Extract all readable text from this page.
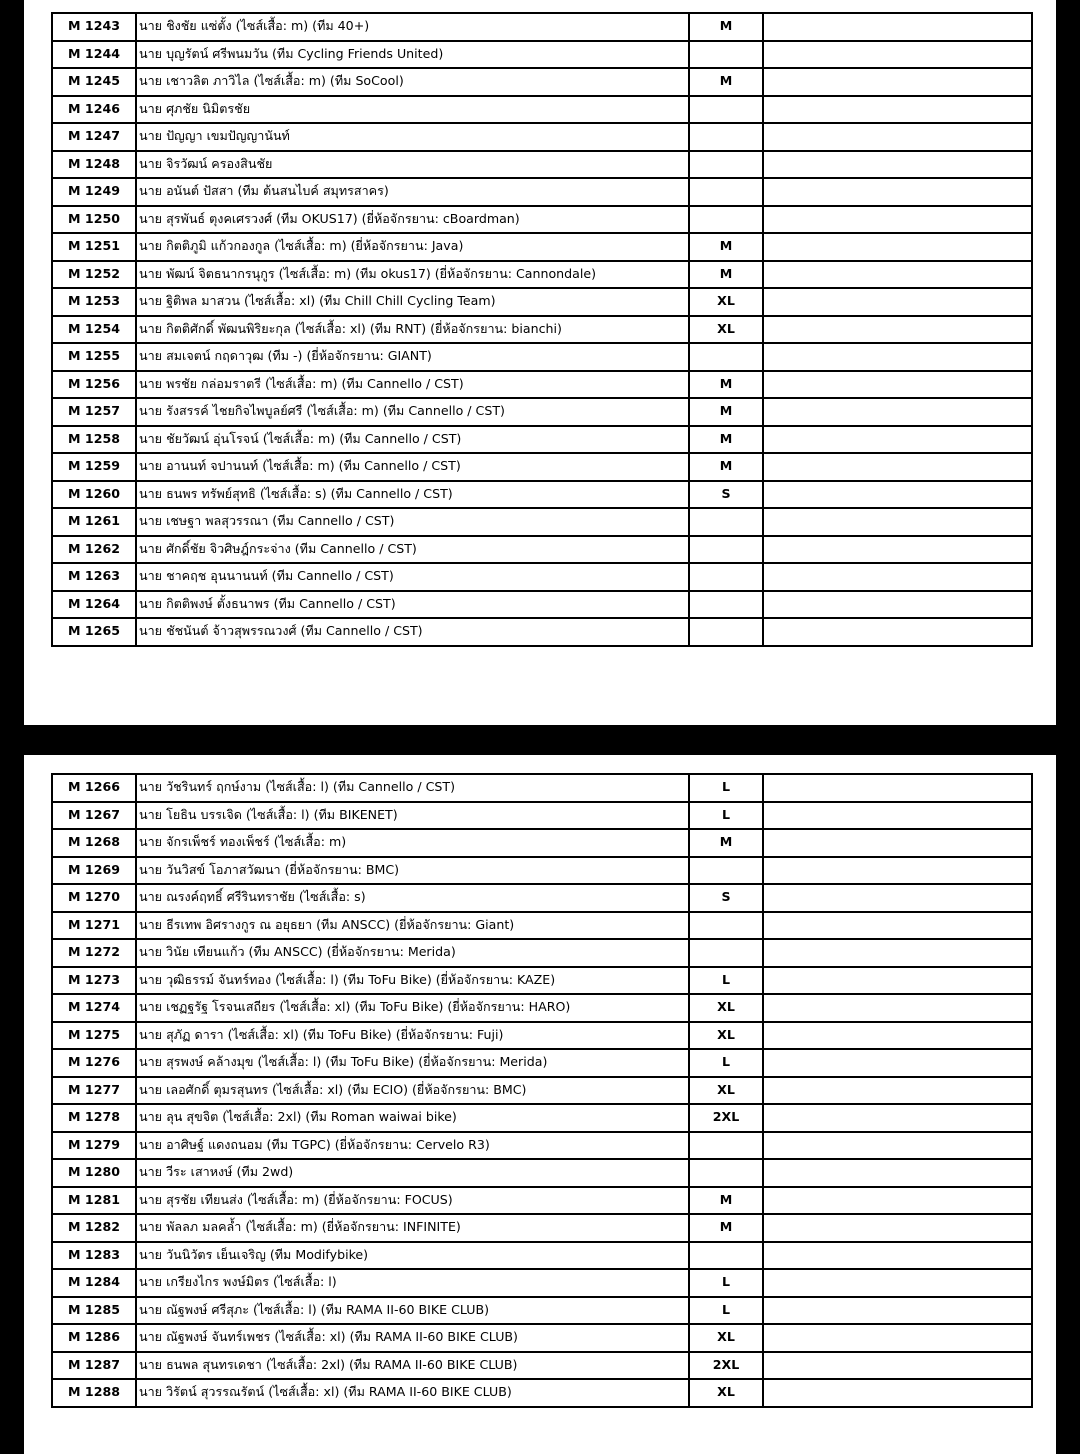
M 1243	นาย ชิงชัย แซ่ตั้ง (ไซส์เสื้อ: m) (ทีม 40+)	M	
M 1244	นาย บุญรัตน์ ศรีพนมวัน (ทีม Cycling Friends United)		
M 1245	นาย เชาวลิต ภาวิไล (ไซส์เสื้อ: m) (ทีม SoCool)	M	
M 1246	นาย ศุภชัย นิมิตรชัย		
M 1247	นาย ปัญญา เขมปัญญานันท์		
M 1248	นาย จิรวัฒน์ ครองสินชัย		
M 1249	นาย อนันต์ ปัสสา (ทีม ต้นสนไบค์ สมุทรสาคร)		
M 1250	นาย สุรพันธ์ ตุงคเศรวงศ์ (ทีม OKUS17) (ยี่ห้อจักรยาน: cBoardman)		
M 1251	นาย กิตติภูมิ แก้วกองกูล (ไซส์เสื้อ: m) (ยี่ห้อจักรยาน: Java)	M	
M 1252	นาย พัฒน์ จิตธนากรนุกูร (ไซส์เสื้อ: m) (ทีม okus17) (ยี่ห้อจักรยาน: Cannondale)	M	
M 1253	นาย ฐิติพล มาสวน (ไซส์เสื้อ: xl) (ทีม Chill Chill Cycling Team)	XL	
M 1254	นาย กิตติศักดิ์ พัฒนพิริยะกุล (ไซส์เสื้อ: xl) (ทีม RNT) (ยี่ห้อจักรยาน: bianchi)	XL	
M 1255	นาย สมเจตน์ กฤดาวุฒ (ทีม -) (ยี่ห้อจักรยาน: GIANT)		
M 1256	นาย พรชัย กล่อมราตรี (ไซส์เสื้อ: m) (ทีม Cannello / CST)	M	
M 1257	นาย รังสรรค์ ไชยกิจไพบูลย์ศรี (ไซส์เสื้อ: m) (ทีม Cannello / CST)	M	
M 1258	นาย ชัยวัฒน์ อุ่นโรจน์ (ไซส์เสื้อ: m) (ทีม Cannello / CST)	M	
M 1259	นาย อานนท์ จปานนท์ (ไซส์เสื้อ: m) (ทีม Cannello / CST)	M	
M 1260	นาย ธนพร ทรัพย์สุทธิ (ไซส์เสื้อ: s) (ทีม Cannello / CST)	S	
M 1261	นาย เชษฐา พลสุวรรณา (ทีม Cannello / CST)		
M 1262	นาย ศักดิ์ชัย จิวศิษฎ์กระจ่าง (ทีม Cannello / CST)		
M 1263	นาย ชาคฤช อุนนานนท์ (ทีม Cannello / CST)		
M 1264	นาย กิตติพงษ์ ตั้งธนาพร (ทีม Cannello / CST)		
M 1265	นาย ชัชนันต์ จ้าวสุพรรณวงศ์ (ทีม Cannello / CST)		
M 1266	นาย วัชรินทร์ ฤกษ์งาม (ไซส์เสื้อ: l) (ทีม Cannello / CST)	L	
M 1267	นาย โยธิน บรรเจิด (ไซส์เสื้อ: l) (ทีม BIKENET)	L	
M 1268	นาย จักรเพ็ชร์ ทองเพ็ชร์ (ไซส์เสื้อ: m)	M	
M 1269	นาย วันวิสข์ โอภาสวัฒนา (ยี่ห้อจักรยาน: BMC)		
M 1270	นาย ณรงค์ฤทธิ์ ศรีรินทราชัย (ไซส์เสื้อ: s)	S	
M 1271	นาย ธีรเทพ อิศรางกูร ณ อยุธยา (ทีม ANSCC) (ยี่ห้อจักรยาน: Giant)		
M 1272	นาย วินัย เทียนแก้ว (ทีม ANSCC) (ยี่ห้อจักรยาน: Merida)		
M 1273	นาย วุฒิธรรม์ จันทร์ทอง (ไซส์เสื้อ: l) (ทีม ToFu Bike) (ยี่ห้อจักรยาน: KAZE)	L	
M 1274	นาย เชฏฐรัฐ โรจนเสถียร (ไซส์เสื้อ: xl) (ทีม ToFu Bike) (ยี่ห้อจักรยาน: HARO)	XL	
M 1275	นาย สุภัฏ ดารา (ไซส์เสื้อ: xl) (ทีม ToFu Bike) (ยี่ห้อจักรยาน: Fuji)	XL	
M 1276	นาย สุรพงษ์ คล้างมุข (ไซส์เสื้อ: l) (ทีม ToFu Bike) (ยี่ห้อจักรยาน: Merida)	L	
M 1277	นาย เลอศักดิ์ ตุมรสุนทร (ไซส์เสื้อ: xl) (ทีม ECIO) (ยี่ห้อจักรยาน: BMC)	XL	
M 1278	นาย ลุน สุขจิต (ไซส์เสื้อ: 2xl) (ทีม Roman waiwai bike)	2XL	
M 1279	นาย อาศิษฐ์ แดงถนอม (ทีม TGPC) (ยี่ห้อจักรยาน: Cervelo R3)		
M 1280	นาย วีระ เสาหงษ์ (ทีม 2wd)		
M 1281	นาย สุรชัย เทียนส่ง (ไซส์เสื้อ: m) (ยี่ห้อจักรยาน: FOCUS)	M	
M 1282	นาย พัลลภ มลคล้ำ (ไซส์เสื้อ: m) (ยี่ห้อจักรยาน: INFINITE)	M	
M 1283	นาย วันนิวัตร เย็นเจริญ (ทีม Modifybike)		
M 1284	นาย เกรียงไกร พงษ์มิตร (ไซส์เสื้อ: l)	L	
M 1285	นาย ณัฐพงษ์ ศรีสุภะ (ไซส์เสื้อ: l) (ทีม RAMA II-60 BIKE CLUB)	L	
M 1286	นาย ณัฐพงษ์ จันทร์เพชร (ไซส์เสื้อ: xl) (ทีม RAMA II-60 BIKE CLUB)	XL	
M 1287	นาย ธนพล สุนทรเดชา (ไซส์เสื้อ: 2xl) (ทีม RAMA II-60 BIKE CLUB)	2XL	
M 1288	นาย วิรัตน์ สุวรรณรัตน์ (ไซส์เสื้อ: xl) (ทีม RAMA II-60 BIKE CLUB)	XL	
